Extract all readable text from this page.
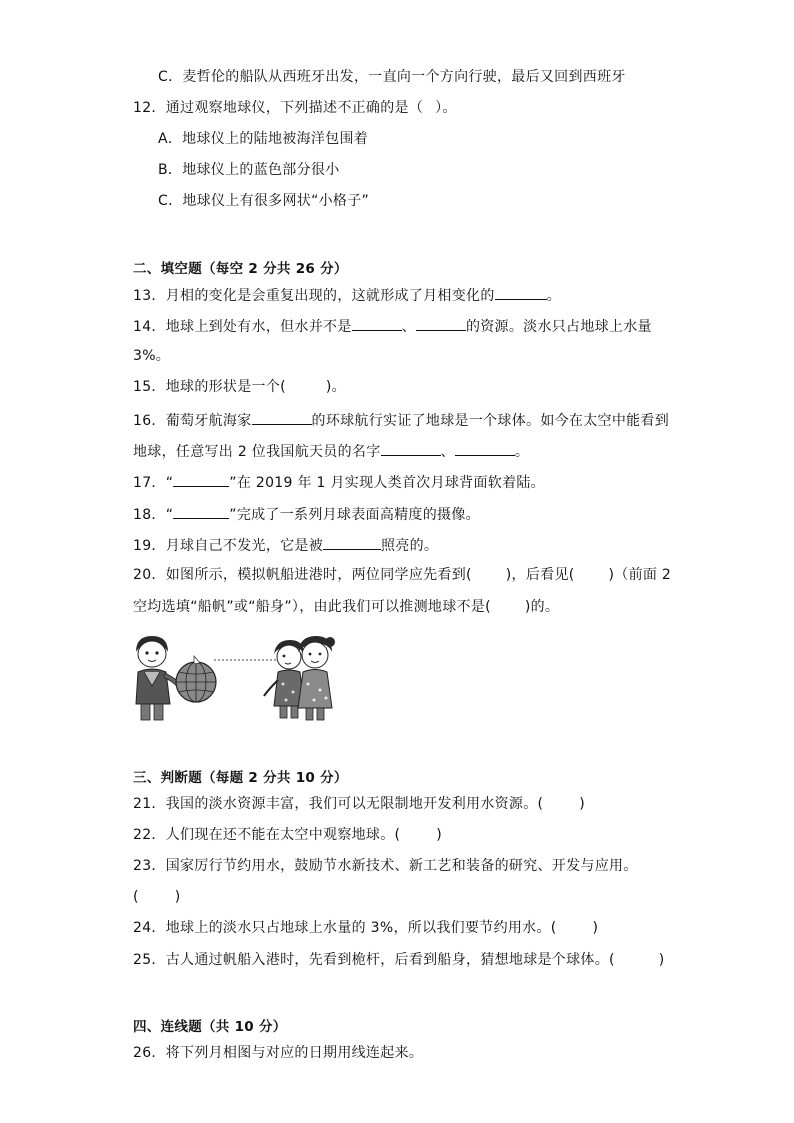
C．麦哲伦的船队从西班牙出发，一直向一个方向行驶，最后又回到西班牙
12．通过观察地球仪，下列描述不正确的是（ ）。
A．地球仪上的陆地被海洋包围着
B．地球仪上的蓝色部分很小
C．地球仪上有很多网状“小格子”
二、填空题（每空 2 分共 26 分）
13．月相的变化是会重复出现的，这就形成了月相变化的	。
14．地球上到处有水，但水并不是	、	的资源。淡水只占地球上水量
3%。
15．地球的形状是一个(	)。
16．葡萄牙航海家	的环球航行实证了地球是一个球体。如今在太空中能看到
地球，任意写出 2 位我国航天员的名字	、	。
17．“	”在 2019 年 1 月实现人类首次月球背面软着陆。
18．“	”完成了一系列月球表面高精度的摄像。
19．月球自己不发光，它是被	照亮的。
20．如图所示，模拟帆船进港时，两位同学应先看到( )，后看见( )（前面 2
空均选填“船帆”或“船身”），由此我们可以推测地球不是( )的。
三、判断题（每题 2 分共 10 分）
21．我国的淡水资源丰富，我们可以无限制地开发利用水资源。(	)
22．人们现在还不能在太空中观察地球。(	)
23．国家厉行节约用水，鼓励节水新技术、新工艺和装备的研究、开发与应用。
(	)
24．地球上的淡水只占地球上水量的 3%，所以我们要节约用水。(	)
25．古人通过帆船入港时，先看到桅杆，后看到船身，猜想地球是个球体。(	)
四、连线题（共 10 分）
26．将下列月相图与对应的日期用线连起来。
